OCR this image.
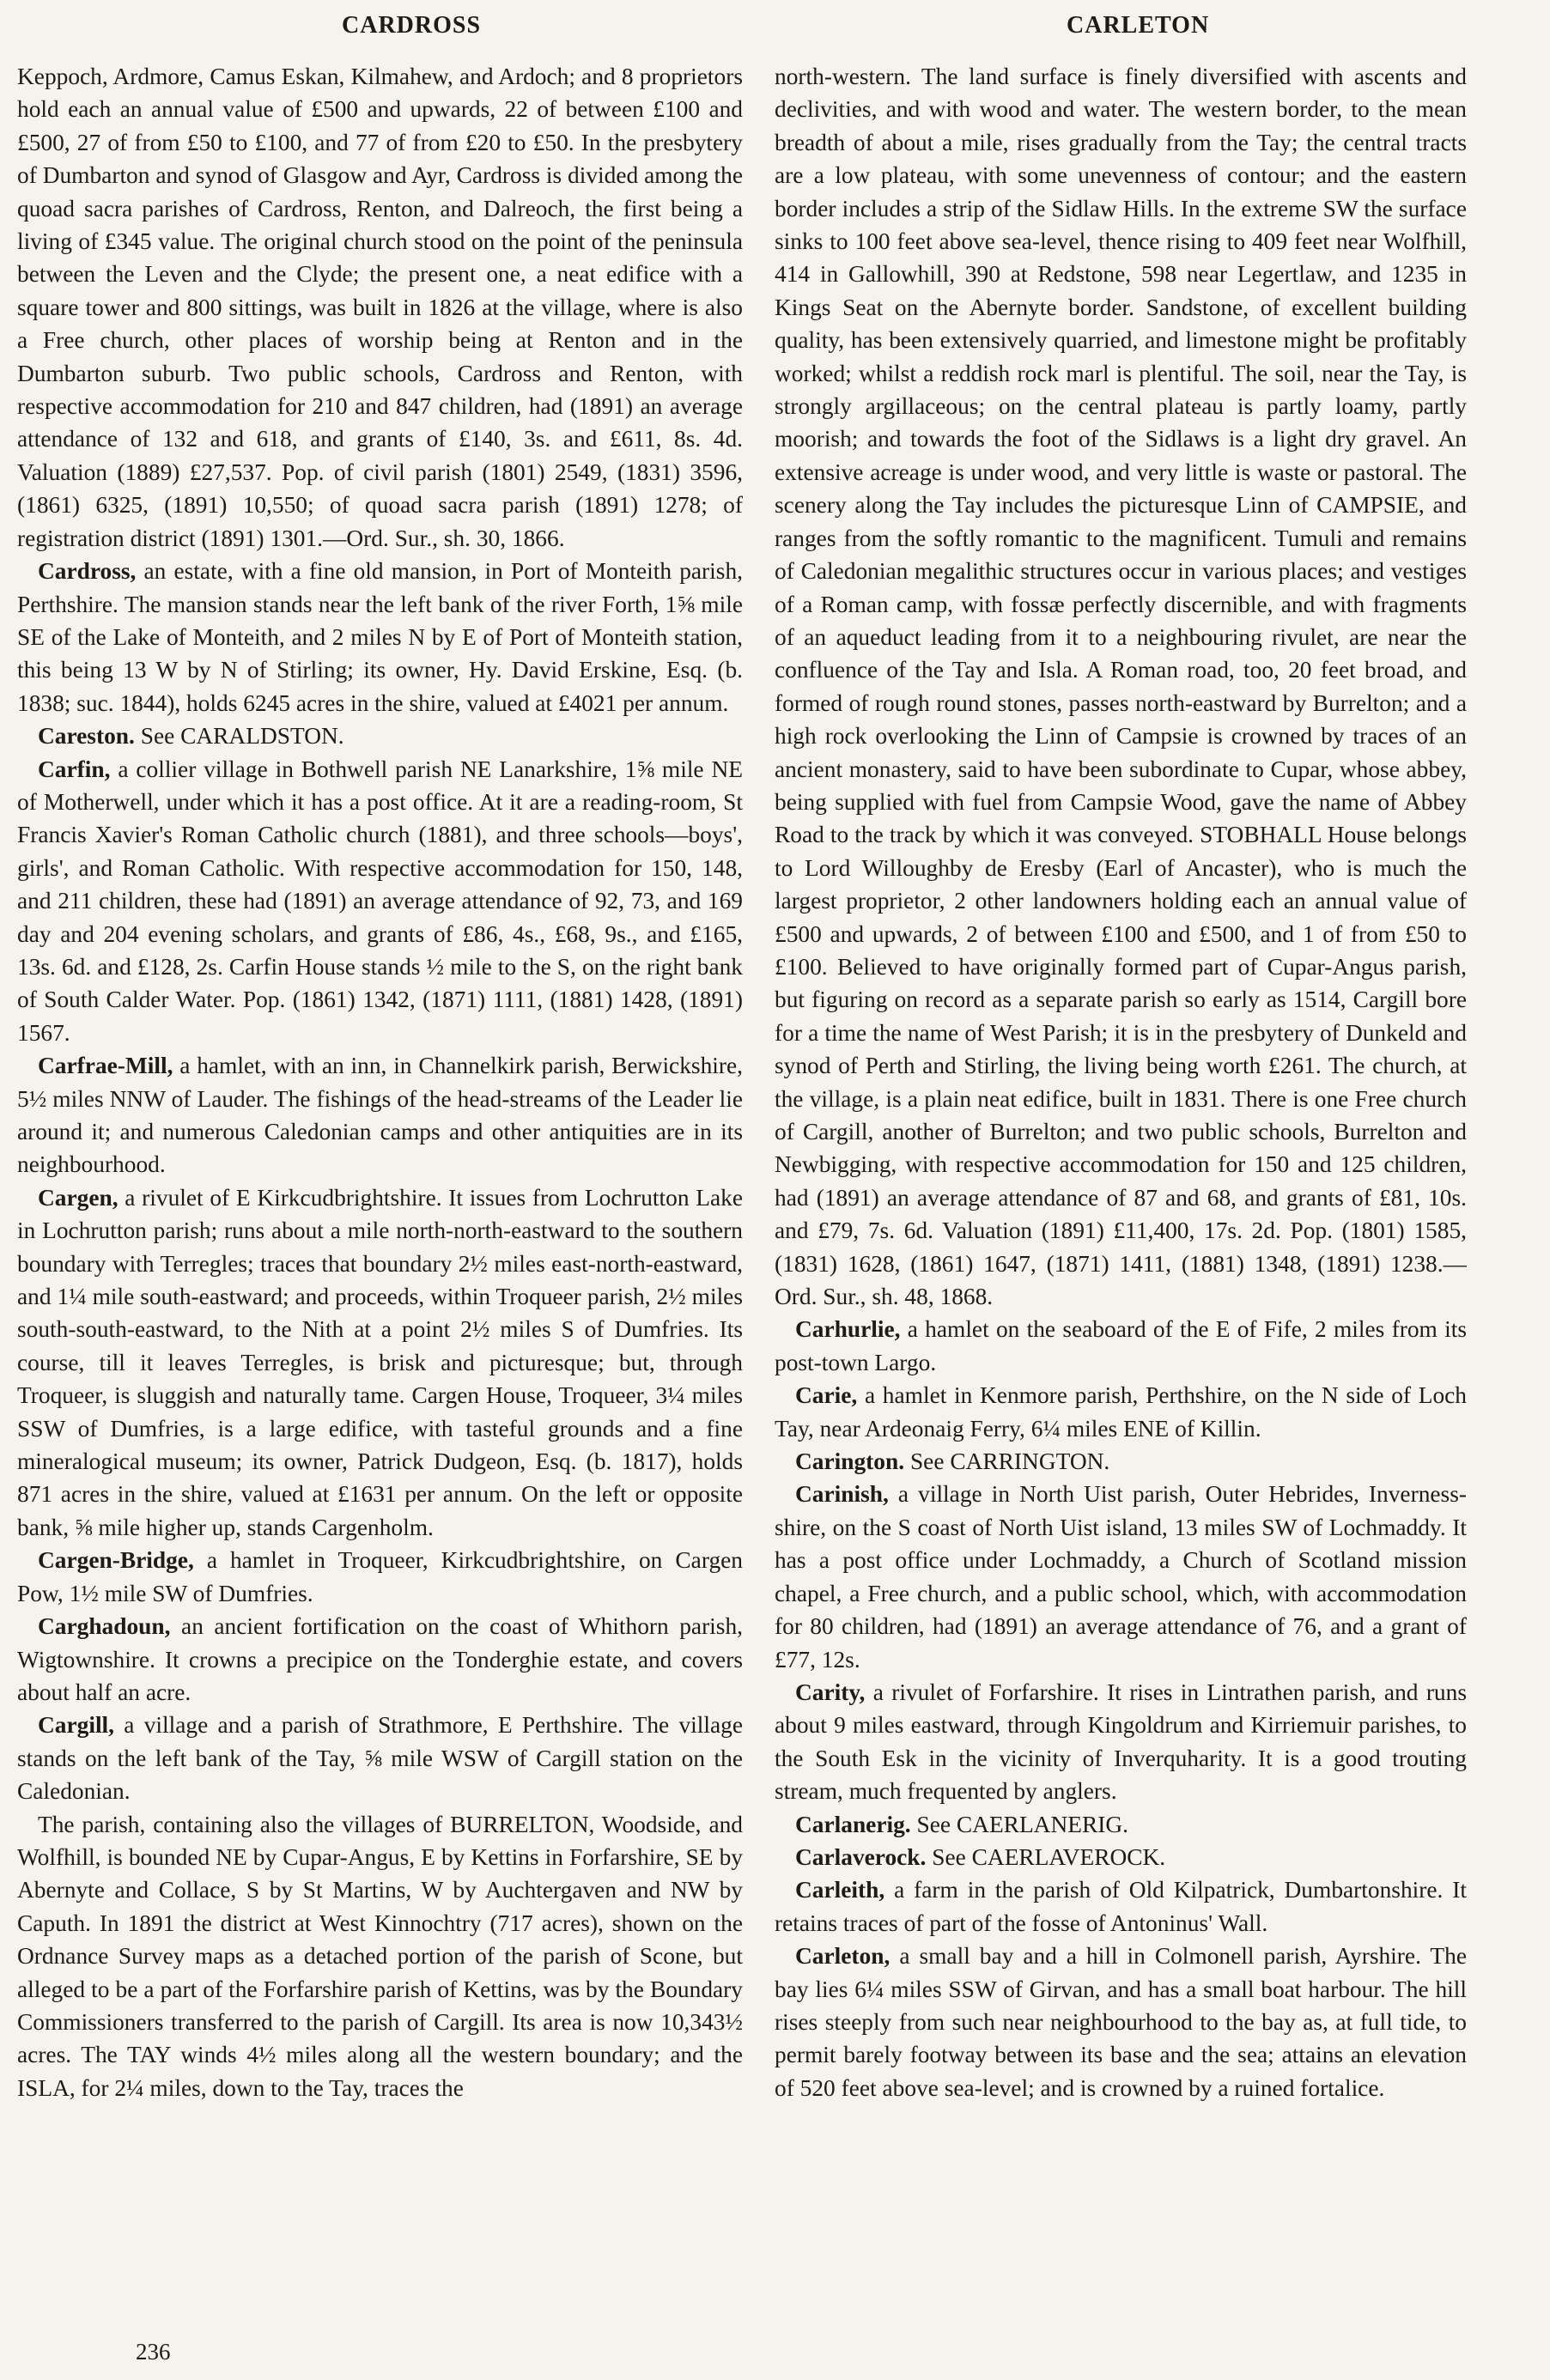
CARDROSS	CARLETON

Keppoch, Ardmore, Camus Eskan, Kilmahew, and Ardoch; and 8 proprietors hold each an annual value of £500 and upwards, 22 of between £100 and £500, 27 of from £50 to £100, and 77 of from £20 to £50. In the presbytery of Dumbarton and synod of Glasgow and Ayr, Cardross is divided among the quoad sacra parishes of Cardross, Renton, and Dalreoch, the first being a living of £345 value. The original church stood on the point of the peninsula between the Leven and the Clyde; the present one, a neat edifice with a square tower and 800 sittings, was built in 1826 at the village, where is also a Free church, other places of worship being at Renton and in the Dumbarton suburb. Two public schools, Cardross and Renton, with respective accommodation for 210 and 847 children, had (1891) an average attendance of 132 and 618, and grants of £140, 3s. and £611, 8s. 4d. Valuation (1889) £27,537. Pop. of civil parish (1801) 2549, (1831) 3596, (1861) 6325, (1891) 10,550; of quoad sacra parish (1891) 1278; of registration district (1891) 1301.—Ord. Sur., sh. 30, 1866.

Cardross, an estate, with a fine old mansion, in Port of Monteith parish, Perthshire. The mansion stands near the left bank of the river Forth, 1⅝ mile SE of the Lake of Monteith, and 2 miles N by E of Port of Monteith station, this being 13 W by N of Stirling; its owner, Hy. David Erskine, Esq. (b. 1838; suc. 1844), holds 6245 acres in the shire, valued at £4021 per annum.

Careston. See CARALDSTON.

Carfin, a collier village in Bothwell parish NE Lanarkshire, 1⅝ mile NE of Motherwell, under which it has a post office. At it are a reading-room, St Francis Xavier's Roman Catholic church (1881), and three schools—boys', girls', and Roman Catholic. With respective accommodation for 150, 148, and 211 children, these had (1891) an average attendance of 92, 73, and 169 day and 204 evening scholars, and grants of £86, 4s., £68, 9s., and £165, 13s. 6d. and £128, 2s. Carfin House stands ½ mile to the S, on the right bank of South Calder Water. Pop. (1861) 1342, (1871) 1111, (1881) 1428, (1891) 1567.

Carfrae-Mill, a hamlet, with an inn, in Channelkirk parish, Berwickshire, 5½ miles NNW of Lauder. The fishings of the head-streams of the Leader lie around it; and numerous Caledonian camps and other antiquities are in its neighbourhood.

Cargen, a rivulet of E Kirkcudbrightshire. It issues from Lochrutton Lake in Lochrutton parish; runs about a mile north-north-eastward to the southern boundary with Terregles; traces that boundary 2½ miles east-north-eastward, and 1¼ mile south-eastward; and proceeds, within Troqueer parish, 2½ miles south-south-eastward, to the Nith at a point 2½ miles S of Dumfries. Its course, till it leaves Terregles, is brisk and picturesque; but, through Troqueer, is sluggish and naturally tame. Cargen House, Troqueer, 3¼ miles SSW of Dumfries, is a large edifice, with tasteful grounds and a fine mineralogical museum; its owner, Patrick Dudgeon, Esq. (b. 1817), holds 871 acres in the shire, valued at £1631 per annum. On the left or opposite bank, ⅝ mile higher up, stands Cargenholm.

Cargen-Bridge, a hamlet in Troqueer, Kirkcudbrightshire, on Cargen Pow, 1½ mile SW of Dumfries.

Carghadoun, an ancient fortification on the coast of Whithorn parish, Wigtownshire. It crowns a precipice on the Tonderghie estate, and covers about half an acre.

Cargill, a village and a parish of Strathmore, E Perthshire. The village stands on the left bank of the Tay, ⅝ mile WSW of Cargill station on the Caledonian.

The parish, containing also the villages of BURRELTON, Woodside, and Wolfhill, is bounded NE by Cupar-Angus, E by Kettins in Forfarshire, SE by Abernyte and Collace, S by St Martins, W by Auchtergaven and NW by Caputh. In 1891 the district at West Kinnochtry (717 acres), shown on the Ordnance Survey maps as a detached portion of the parish of Scone, but alleged to be a part of the Forfarshire parish of Kettins, was by the Boundary Commissioners transferred to the parish of Cargill. Its area is now 10,343½ acres. The TAY winds 4½ miles along all the western boundary; and the ISLA, for 2¼ miles, down to the Tay, traces the

north-western. The land surface is finely diversified with ascents and declivities, and with wood and water. The western border, to the mean breadth of about a mile, rises gradually from the Tay; the central tracts are a low plateau, with some unevenness of contour; and the eastern border includes a strip of the Sidlaw Hills. In the extreme SW the surface sinks to 100 feet above sea-level, thence rising to 409 feet near Wolfhill, 414 in Gallowhill, 390 at Redstone, 598 near Legertlaw, and 1235 in Kings Seat on the Abernyte border. Sandstone, of excellent building quality, has been extensively quarried, and limestone might be profitably worked; whilst a reddish rock marl is plentiful. The soil, near the Tay, is strongly argillaceous; on the central plateau is partly loamy, partly moorish; and towards the foot of the Sidlaws is a light dry gravel. An extensive acreage is under wood, and very little is waste or pastoral. The scenery along the Tay includes the picturesque Linn of CAMPSIE, and ranges from the softly romantic to the magnificent. Tumuli and remains of Caledonian megalithic structures occur in various places; and vestiges of a Roman camp, with fossæ perfectly discernible, and with fragments of an aqueduct leading from it to a neighbouring rivulet, are near the confluence of the Tay and Isla. A Roman road, too, 20 feet broad, and formed of rough round stones, passes north-eastward by Burrelton; and a high rock overlooking the Linn of Campsie is crowned by traces of an ancient monastery, said to have been subordinate to Cupar, whose abbey, being supplied with fuel from Campsie Wood, gave the name of Abbey Road to the track by which it was conveyed. STOBHALL House belongs to Lord Willoughby de Eresby (Earl of Ancaster), who is much the largest proprietor, 2 other landowners holding each an annual value of £500 and upwards, 2 of between £100 and £500, and 1 of from £50 to £100. Believed to have originally formed part of Cupar-Angus parish, but figuring on record as a separate parish so early as 1514, Cargill bore for a time the name of West Parish; it is in the presbytery of Dunkeld and synod of Perth and Stirling, the living being worth £261. The church, at the village, is a plain neat edifice, built in 1831. There is one Free church of Cargill, another of Burrelton; and two public schools, Burrelton and Newbigging, with respective accommodation for 150 and 125 children, had (1891) an average attendance of 87 and 68, and grants of £81, 10s. and £79, 7s. 6d. Valuation (1891) £11,400, 17s. 2d. Pop. (1801) 1585, (1831) 1628, (1861) 1647, (1871) 1411, (1881) 1348, (1891) 1238.—Ord. Sur., sh. 48, 1868.

Carhurlie, a hamlet on the seaboard of the E of Fife, 2 miles from its post-town Largo.

Carie, a hamlet in Kenmore parish, Perthshire, on the N side of Loch Tay, near Ardeonaig Ferry, 6¼ miles ENE of Killin.

Carington. See CARRINGTON.

Carinish, a village in North Uist parish, Outer Hebrides, Inverness-shire, on the S coast of North Uist island, 13 miles SW of Lochmaddy. It has a post office under Lochmaddy, a Church of Scotland mission chapel, a Free church, and a public school, which, with accommodation for 80 children, had (1891) an average attendance of 76, and a grant of £77, 12s.

Carity, a rivulet of Forfarshire. It rises in Lintrathen parish, and runs about 9 miles eastward, through Kingoldrum and Kirriemuir parishes, to the South Esk in the vicinity of Inverquharity. It is a good trouting stream, much frequented by anglers.

Carlanerig. See CAERLANERIG.

Carlaverock. See CAERLAVEROCK.

Carleith, a farm in the parish of Old Kilpatrick, Dumbartonshire. It retains traces of part of the fosse of Antoninus' Wall.

Carleton, a small bay and a hill in Colmonell parish, Ayrshire. The bay lies 6¼ miles SSW of Girvan, and has a small boat harbour. The hill rises steeply from such near neighbourhood to the bay as, at full tide, to permit barely footway between its base and the sea; attains an elevation of 520 feet above sea-level; and is crowned by a ruined fortalice.

236
